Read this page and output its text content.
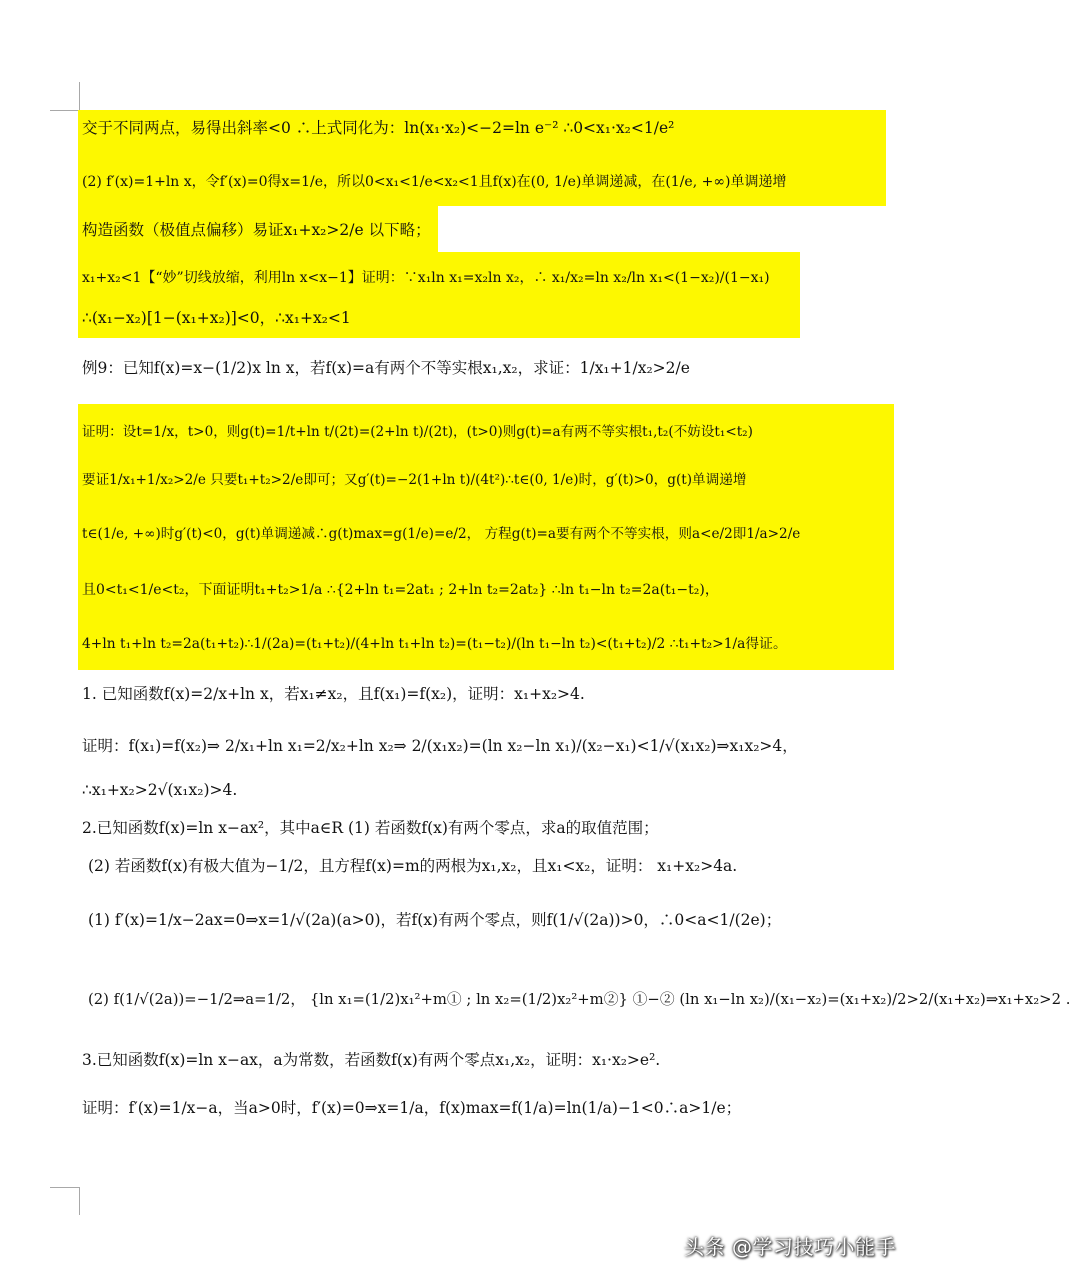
交于不同两点，易得出斜率<0 ∴上式同化为：ln(x₁·x₂)<−2=ln e⁻² ∴0<x₁·x₂<1/e²
(2) f′(x)=1+ln x，令f′(x)=0得x=1/e，所以0<x₁<1/e<x₂<1且f(x)在(0, 1/e)单调递减，在(1/e, +∞)单调递增
构造函数（极值点偏移）易证x₁+x₂>2/e 以下略；
x₁+x₂<1【“妙”切线放缩，利用ln x<x−1】证明：∵x₁ln x₁=x₂ln x₂，∴ x₁/x₂=ln x₂/ln x₁<(1−x₂)/(1−x₁)
∴(x₁−x₂)[1−(x₁+x₂)]<0，∴x₁+x₂<1
例9：已知f(x)=x−(1/2)x ln x，若f(x)=a有两个不等实根x₁,x₂，求证：1/x₁+1/x₂>2/e
证明：设t=1/x，t>0，则g(t)=1/t+ln t/(2t)=(2+ln t)/(2t)，(t>0)则g(t)=a有两不等实根t₁,t₂(不妨设t₁<t₂)
要证1/x₁+1/x₂>2/e 只要t₁+t₂>2/e即可；又g′(t)=−2(1+ln t)/(4t²)∴t∈(0, 1/e)时，g′(t)>0，g(t)单调递增
t∈(1/e, +∞)时g′(t)<0，g(t)单调递减∴g(t)max=g(1/e)=e/2， 方程g(t)=a要有两个不等实根，则a<e/2即1/a>2/e
且0<t₁<1/e<t₂，下面证明t₁+t₂>1/a ∴{2+ln t₁=2at₁ ; 2+ln t₂=2at₂} ∴ln t₁−ln t₂=2a(t₁−t₂)，
4+ln t₁+ln t₂=2a(t₁+t₂)∴1/(2a)=(t₁+t₂)/(4+ln t₁+ln t₂)=(t₁−t₂)/(ln t₁−ln t₂)<(t₁+t₂)/2 ∴t₁+t₂>1/a得证。
1. 已知函数f(x)=2/x+ln x，若x₁≠x₂，且f(x₁)=f(x₂)，证明：x₁+x₂>4.
证明：f(x₁)=f(x₂)⇒ 2/x₁+ln x₁=2/x₂+ln x₂⇒ 2/(x₁x₂)=(ln x₂−ln x₁)/(x₂−x₁)<1/√(x₁x₂)⇒x₁x₂>4，
∴x₁+x₂>2√(x₁x₂)>4.
2.已知函数f(x)=ln x−ax²，其中a∈R (1) 若函数f(x)有两个零点，求a的取值范围；
(2) 若函数f(x)有极大值为−1/2，且方程f(x)=m的两根为x₁,x₂，且x₁<x₂，证明： x₁+x₂>4a.
(1) f′(x)=1/x−2ax=0⇒x=1/√(2a)(a>0)，若f(x)有两个零点，则f(1/√(2a))>0，∴0<a<1/(2e)；
(2) f(1/√(2a))=−1/2⇒a=1/2， {ln x₁=(1/2)x₁²+m① ; ln x₂=(1/2)x₂²+m②} ①−② (ln x₁−ln x₂)/(x₁−x₂)=(x₁+x₂)/2>2/(x₁+x₂)⇒x₁+x₂>2 .
3.已知函数f(x)=ln x−ax，a为常数，若函数f(x)有两个零点x₁,x₂，证明：x₁·x₂>e².
证明：f′(x)=1/x−a，当a>0时，f′(x)=0⇒x=1/a，f(x)max=f(1/a)=ln(1/a)−1<0∴a>1/e；
头条 @学习技巧小能手
